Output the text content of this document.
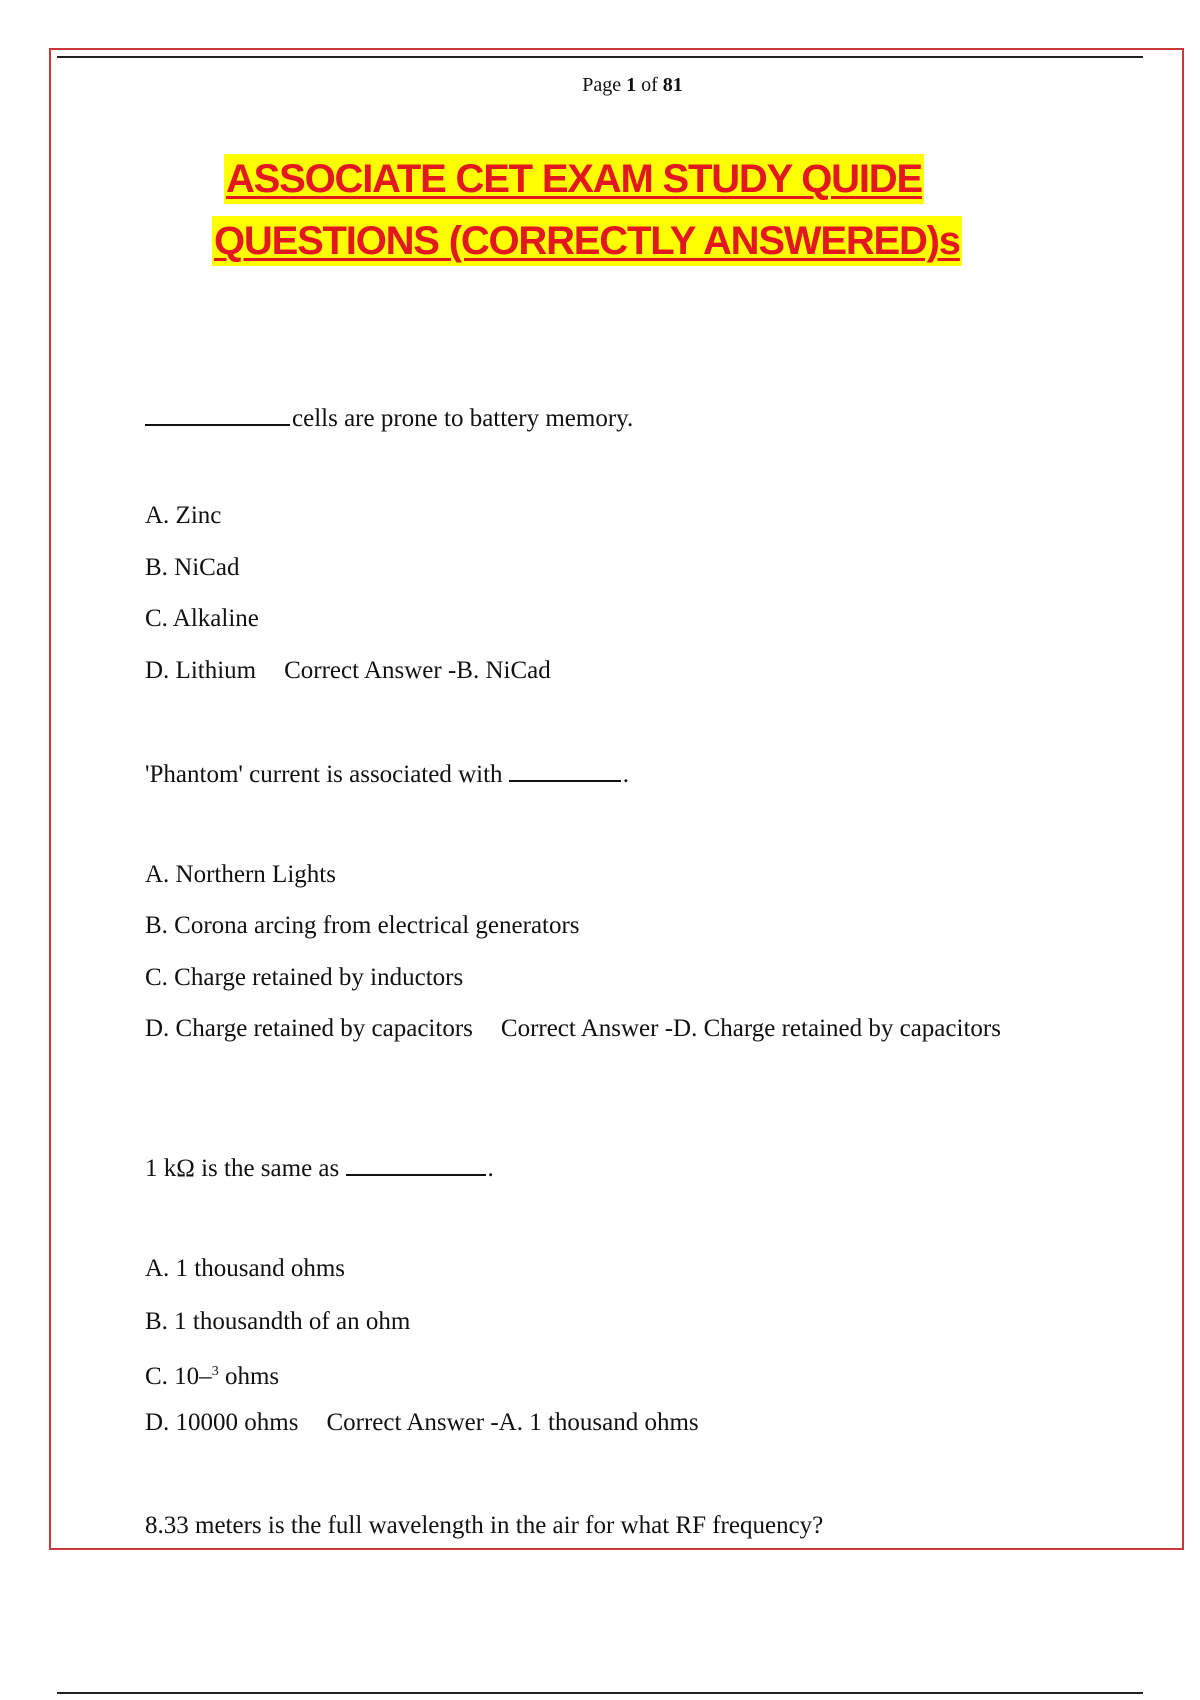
Page 1 of 81
ASSOCIATE CET EXAM STUDY QUIDE
QUESTIONS (CORRECTLY ANSWERED)s
cells are prone to battery memory.
A. Zinc
B. NiCad
C. Alkaline
D. Lithium Correct Answer -B. NiCad
'Phantom' current is associated with	.
A. Northern Lights
B. Corona arcing from electrical generators
C. Charge retained by inductors
D. Charge retained by capacitors Correct Answer -D. Charge retained by capacitors
1 kΩ is the same as	.
A. 1 thousand ohms
B. 1 thousandth of an ohm
C. 10–$^3$ ohms
D. 10000 ohms Correct Answer -A. 1 thousand ohms
8.33 meters is the full wavelength in the air for what RF frequency?
